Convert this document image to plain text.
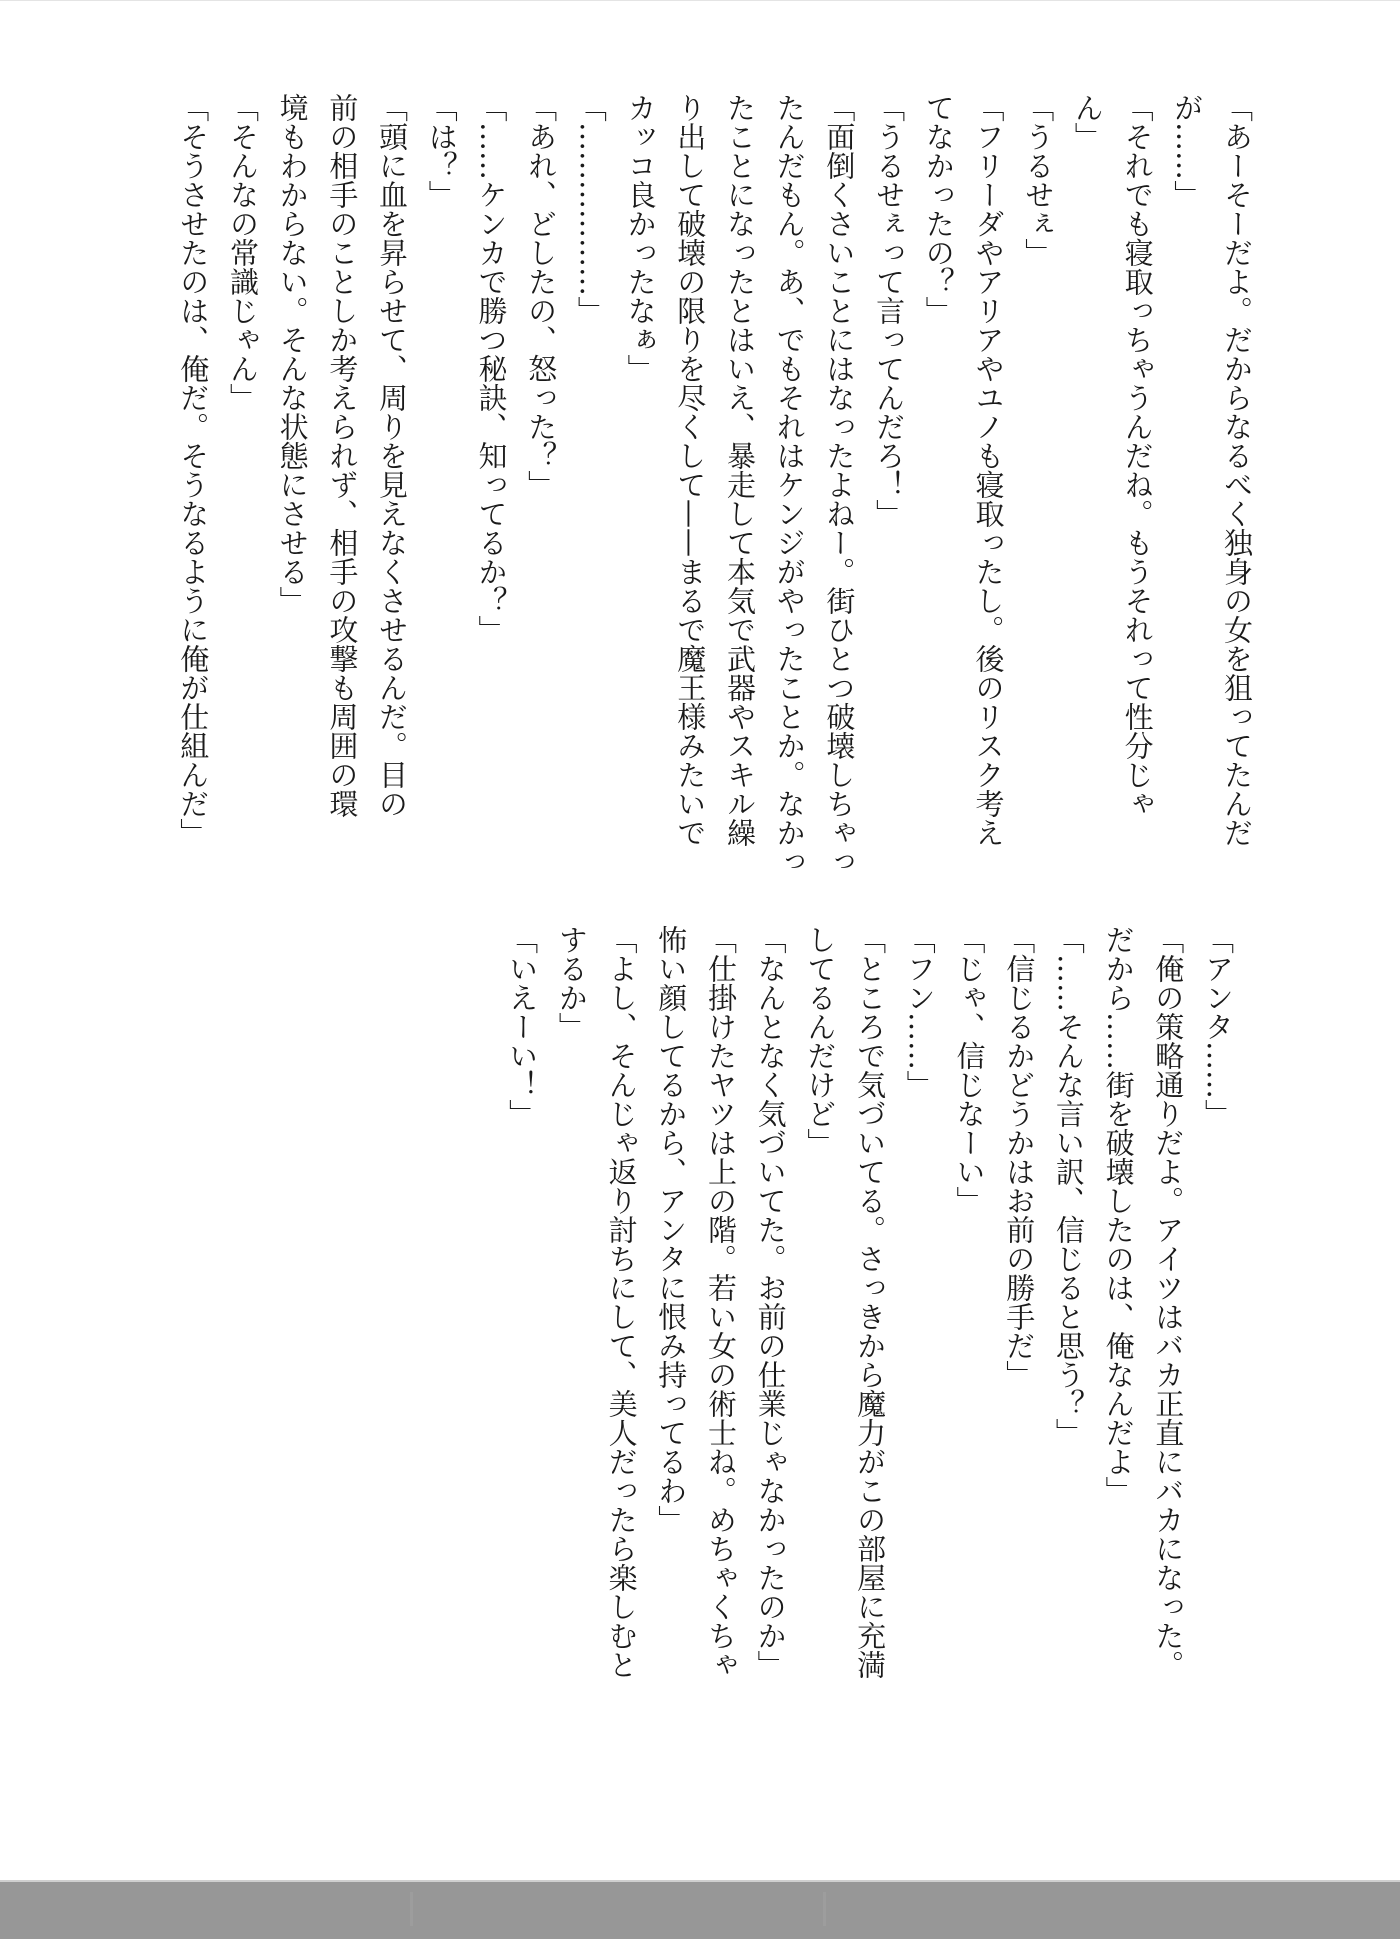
「あーそーだよ。だからなるべく独身の女を狙ってたんだ
が……」
「それでも寝取っちゃうんだね。もうそれって性分じゃ
ん」
「うるせぇ」
「フリーダやアリアやユノも寝取ったし。後のリスク考え
てなかったの？」
「うるせぇって言ってんだろ！」
「面倒くさいことにはなったよねー。街ひとつ破壊しちゃっ
たんだもん。あ、でもそれはケンジがやったことか。なかっ
たことになったとはいえ、暴走して本気で武器やスキル繰
り出して破壊の限りを尽くして——まるで魔王様みたいで
カッコ良かったなぁ」
「………………」
「あれ、どしたの、怒った？」
「……ケンカで勝つ秘訣、知ってるか？」
「は？」
「頭に血を昇らせて、周りを見えなくさせるんだ。目の
前の相手のことしか考えられず、相手の攻撃も周囲の環
境もわからない。そんな状態にさせる」
「そんなの常識じゃん」
「そうさせたのは、俺だ。そうなるように俺が仕組んだ」
「アンタ……」
「俺の策略通りだよ。アイツはバカ正直にバカになった。
だから……街を破壊したのは、俺なんだよ」
「……そんな言い訳、信じると思う？」
「信じるかどうかはお前の勝手だ」
「じゃ、信じなーい」
「フン……」
「ところで気づいてる。さっきから魔力がこの部屋に充満
してるんだけど」
「なんとなく気づいてた。お前の仕業じゃなかったのか」
「仕掛けたヤツは上の階。若い女の術士ね。めちゃくちゃ
怖い顔してるから、アンタに恨み持ってるわ」
「よし、そんじゃ返り討ちにして、美人だったら楽しむと
するか」
「いえーい！」
